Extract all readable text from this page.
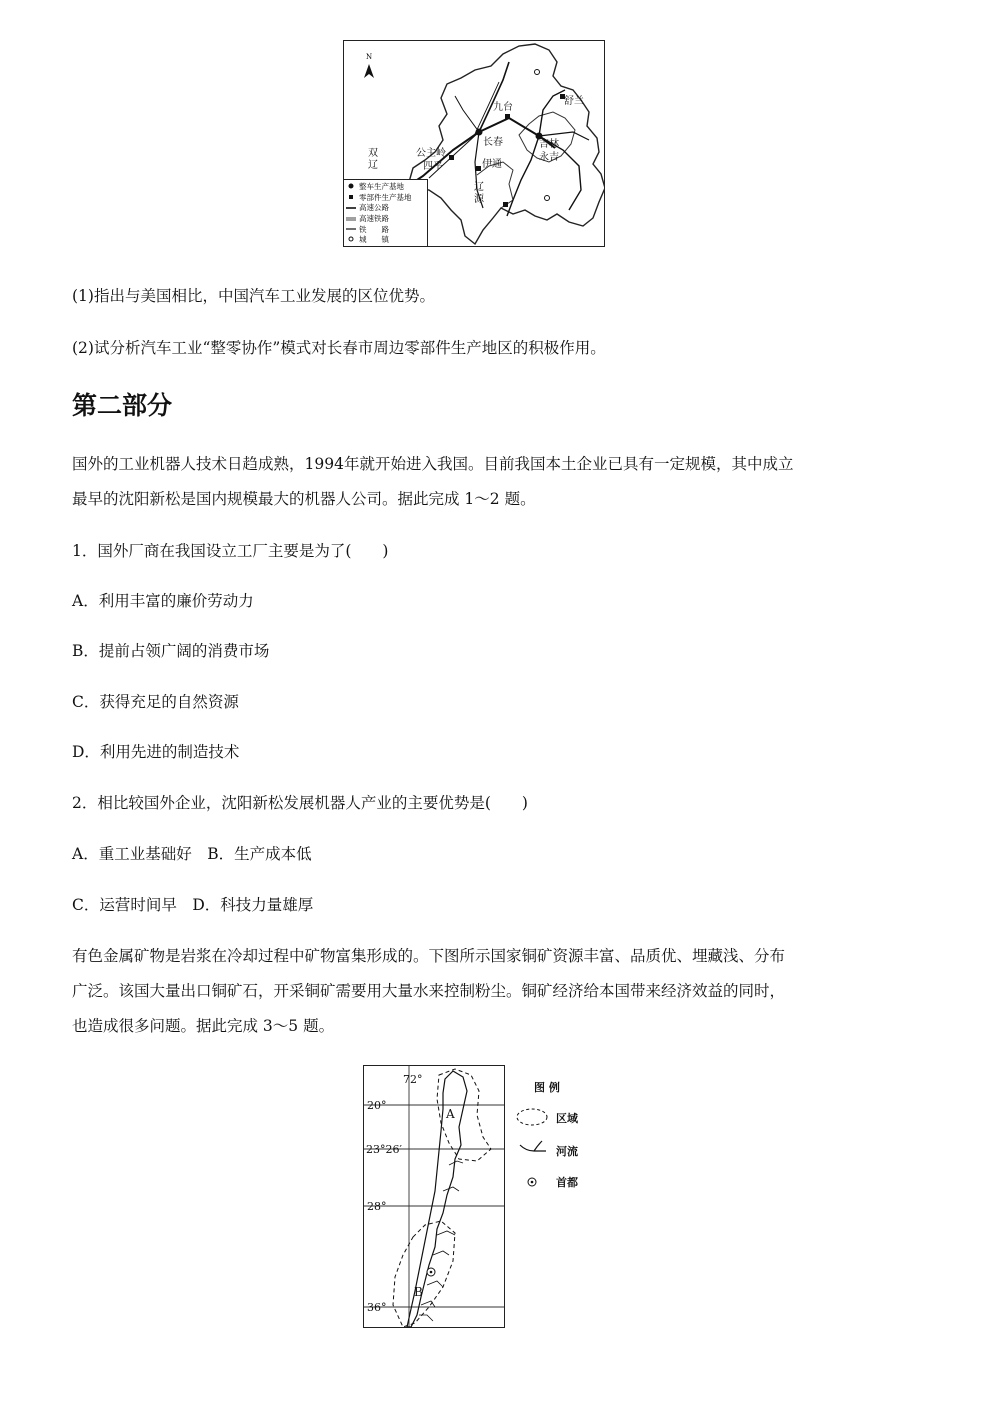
N
九台
舒兰
长春	吉林
永吉
双
辽
公主岭
四平	伊通
辽
源
整车生产基地
零部件生产基地
高速公路
高速铁路
铁　　路
城　　镇
(1)指出与美国相比，中国汽车工业发展的区位优势。
(2)试分析汽车工业“整零协作”模式对长春市周边零部件生产地区的积极作用。
第二部分
国外的工业机器人技术日趋成熟，1994年就开始进入我国。目前我国本土企业已具有一定规模，其中成立
最早的沈阳新松是国内规模最大的机器人公司。据此完成 1～2 题。
1．国外厂商在我国设立工厂主要是为了(　　)
A．利用丰富的廉价劳动力
B．提前占领广阔的消费市场
C．获得充足的自然资源
D．利用先进的制造技术
2．相比较国外企业，沈阳新松发展机器人产业的主要优势是(　　)
A．重工业基础好　B．生产成本低
C．运营时间早　D．科技力量雄厚
有色金属矿物是岩浆在冷却过程中矿物富集形成的。下图所示国家铜矿资源丰富、品质优、埋藏浅、分布
广泛。该国大量出口铜矿石，开采铜矿需要用大量水来控制粉尘。铜矿经济给本国带来经济效益的同时，
也造成很多问题。据此完成 3～5 题。
72°
20°
23°26′
28°
36°
A
B
图 例
区域
河流
首都
